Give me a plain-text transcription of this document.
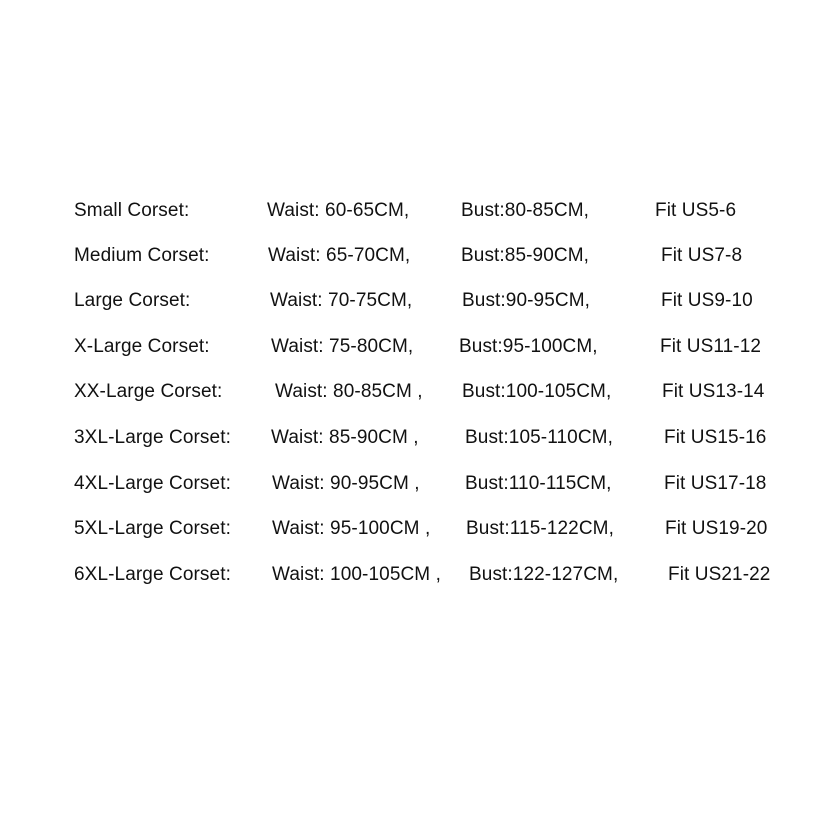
Small Corset:	Waist: 60-65CM,	Bust:80-85CM,	Fit US5-6
Medium Corset:	Waist: 65-70CM,	Bust:85-90CM,	Fit US7-8
Large Corset:	Waist: 70-75CM,	Bust:90-95CM,	Fit US9-10
X-Large Corset:	Waist: 75-80CM, Bust:95-100CM,	Fit US11-12
XX-Large Corset:	Waist: 80-85CM , Bust:100-105CM,	Fit US13-14
3XL-Large Corset: Waist: 85-90CM , Bust:105-110CM,	Fit US15-16
4XL-Large Corset: Waist: 90-95CM , Bust:110-115CM,	Fit US17-18
5XL-Large Corset: Waist: 95-100CM , Bust:115-122CM,	Fit US19-20
6XL-Large Corset: Waist: 100-105CM , Bust:122-127CM,	Fit US21-22
